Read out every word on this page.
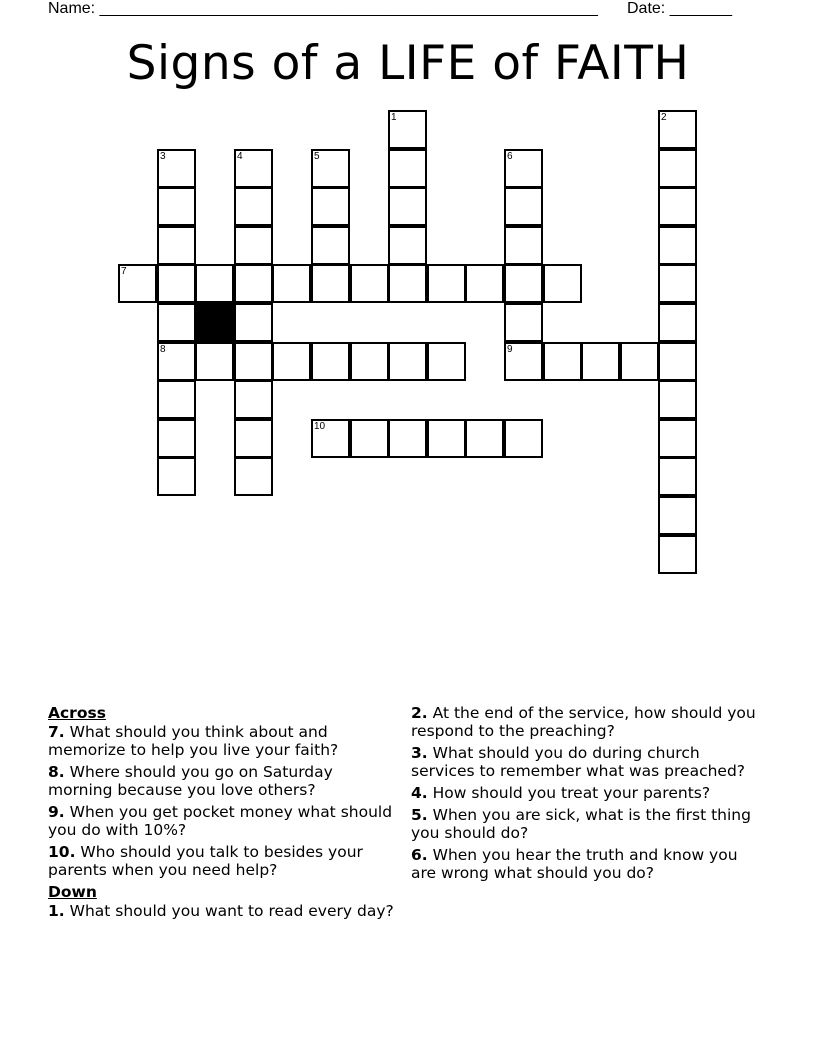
Name: ________________________________________________________ Date: _______
Signs of a LIFE of FAITH
1	2
3
8
4	5	6
9
7
10

Across

7. What should you think about and memorize to help you live your faith?

8. Where should you go on Saturday morning because you love others?

9. When you get pocket money what should you do with 10%?

10. Who should you talk to besides your parents when you need help?

Down

1. What should you want to read every day?

2. At the end of the service, how should you respond to the preaching?

3. What should you do during church services to remember what was preached?

4. How should you treat your parents?

5. When you are sick, what is the first thing you should do?

6. When you hear the truth and know you are wrong what should you do?
